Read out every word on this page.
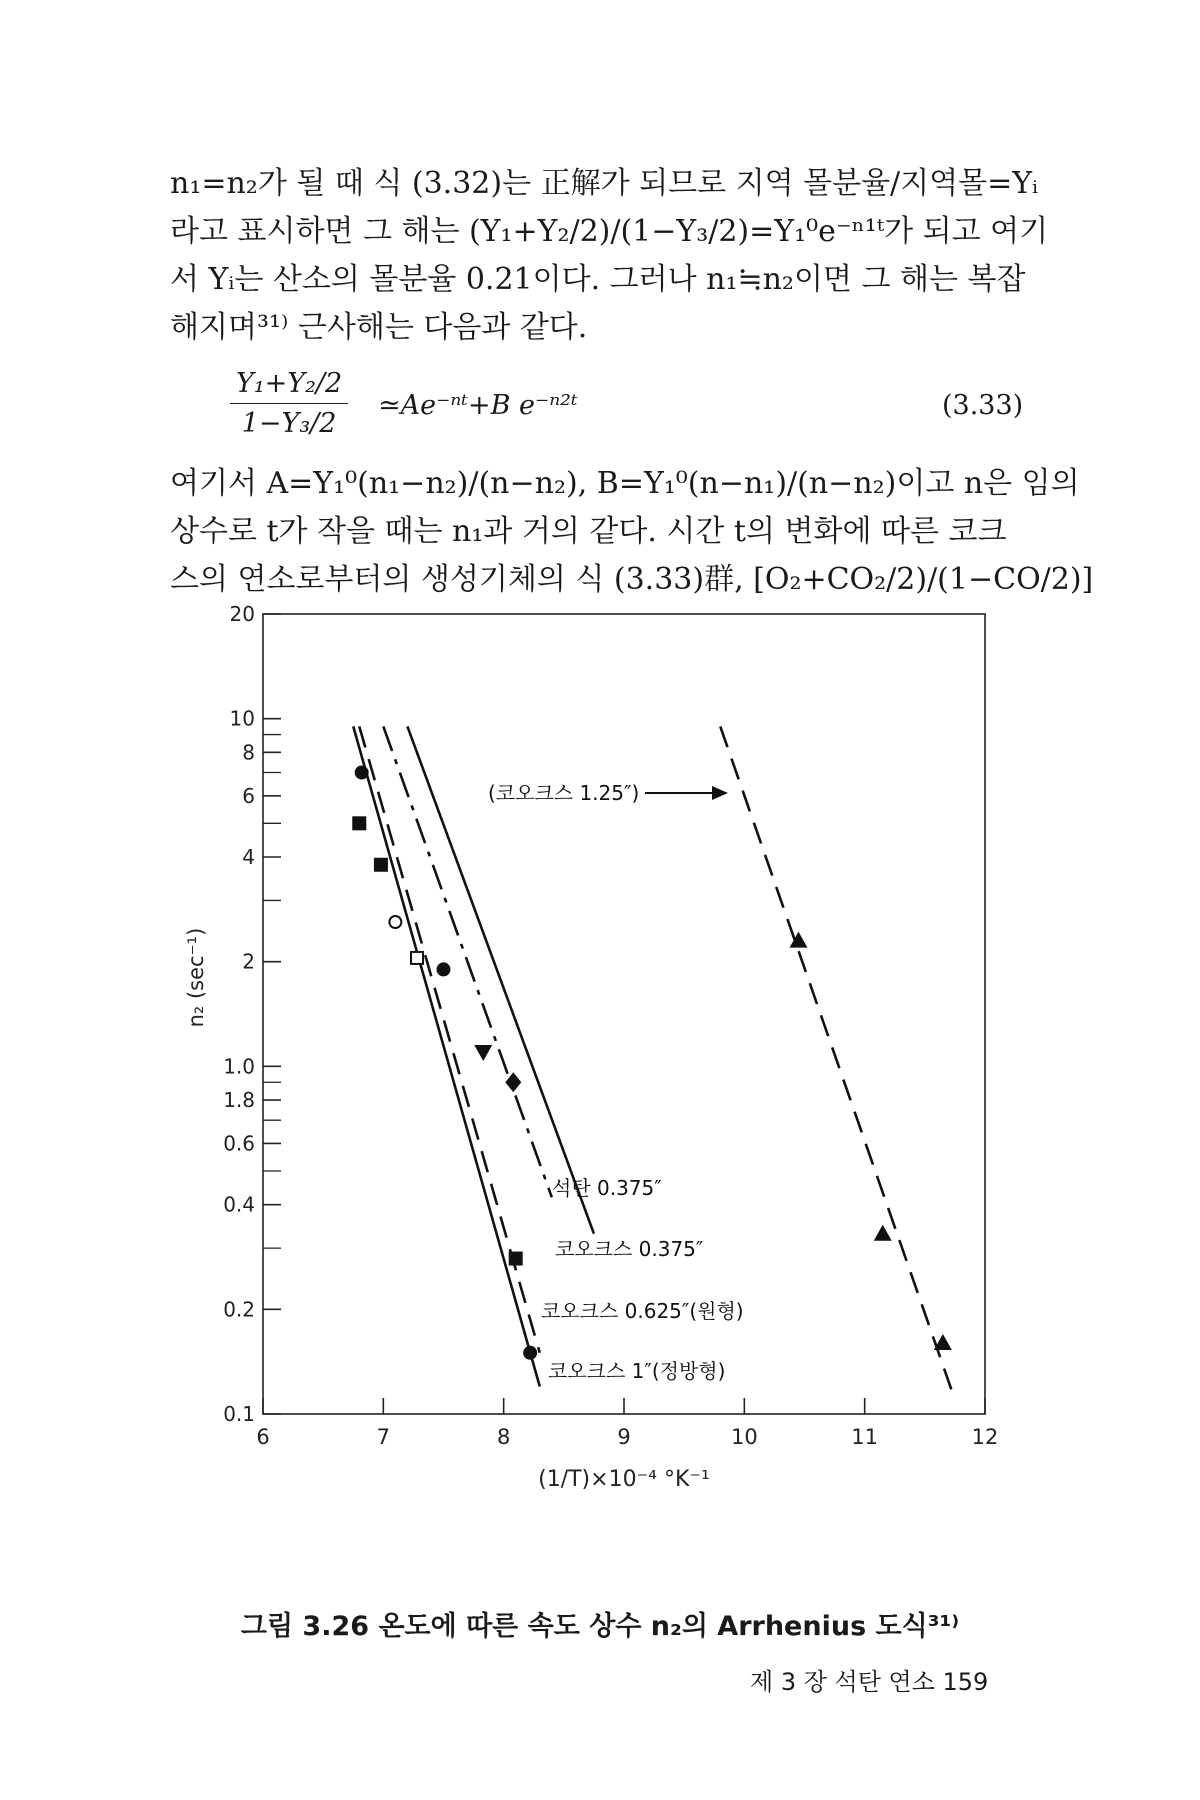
n₁=n₂가 될 때 식 (3.32)는 正解가 되므로 지역 몰분율/지역몰=Yᵢ
라고 표시하면 그 해는 (Y₁+Y₂/2)/(1−Y₃/2)=Y₁⁰e⁻ⁿ¹ᵗ가 되고 여기
서 Yᵢ는 산소의 몰분율 0.21이다. 그러나 n₁≒n₂이면 그 해는 복잡
해지며³¹⁾ 근사해는 다음과 같다.
$\frac{\text{Y₁+Y₂/2}}{\text{1−Y₃/2}}$ ≃Ae⁻ⁿᵗ+B e⁻ⁿ²ᵗ	(3.33)
여기서 A=Y₁⁰(n₁−n₂)/(n−n₂), B=Y₁⁰(n−n₁)/(n−n₂)이고 n은 임의
상수로 t가 작을 때는 n₁과 거의 같다. 시간 t의 변화에 따른 코크
스의 연소로부터의 생성기체의 식 (3.33)群, [O₂+CO₂/2)/(1−CO/2)]
20
10
8
6
4
2
1.0
1.8
0.6
0.4
0.2
0.1
6	7	8	9	10	11	12
(1/T)×10⁻⁴ °K⁻¹
n₂ (sec⁻¹)
(코오크스 1.25″)
석탄 0.375″
코오크스 0.375″
코오크스 0.625″(원형)
코오크스 1″(정방형)
그림 3.26 온도에 따른 속도 상수 n₂의 Arrhenius 도식³¹⁾
제 3 장 석탄 연소 159
